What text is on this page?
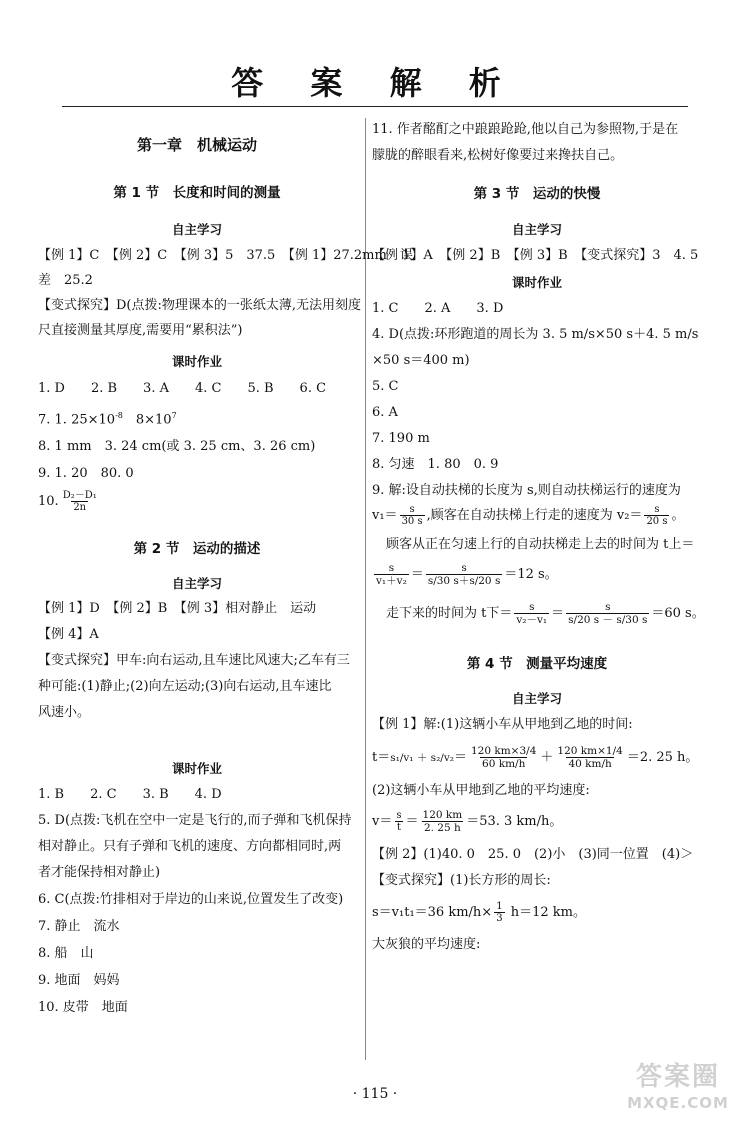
答 案 解 析
第一章　机械运动
第 1 节　长度和时间的测量
自主学习

【例 1】C　【例 2】C　【例 3】5　37.5　【例 1】27.2mm　误

差　25.2

【变式探究】D(点拨:物理课本的一张纸太薄,无法用刻度

尺直接测量其厚度,需要用“累积法”)

课时作业

1. D　　2. B　　3. A　　4. C　　5. B　　6. C

7. 1. $25\times 10^{-8}$　$8\times 10^7$

8. 1 mm　3. 24 cm(或 3. 25 cm、3. 26 cm)

9. 1. 20　80. 0

10. $\frac{\text{D₂－D₁}}{2n}$

第 2 节　运动的描述
自主学习

【例 1】D　【例 2】B　【例 3】相对静止　运动

【例 4】A

【变式探究】甲车:向右运动,且车速比风速大;乙车有三

种可能:(1)静止;(2)向左运动;(3)向右运动,且车速比

风速小。

课时作业

1. B　　2. C　　3. B　　4. D

5. D(点拨:飞机在空中一定是飞行的,而子弹和飞机保持

相对静止。只有子弹和飞机的速度、方向都相同时,两

者才能保持相对静止)

6. C(点拨:竹排相对于岸边的山来说,位置发生了改变)

7. 静止　流水

8. 船　山

9. 地面　妈妈

10. 皮带　地面

11. 作者酩酊之中踉踉跄跄,他以自己为参照物,于是在

朦胧的醉眼看来,松树好像要过来搀扶自己。

第 3 节　运动的快慢
自主学习

【例 1】A　【例 2】B　【例 3】B　【变式探究】3　4. 5

课时作业

1. C　　2. A　　3. D

4. D(点拨:环形跑道的周长为 3. 5 m/s×50 s＋4. 5 m/s

×50 s＝400 m)

5. C

6. A

7. 190 m

8. 匀速　1. 80　0. 9

9. 解:设自动扶梯的长度为 s,则自动扶梯运行的速度为

$v_1= \frac{s}{30 s}$ ,顾客在自动扶梯上行走的速度为 $v_2= \frac{s}{20 s}$ 。

顾客从正在匀速上行的自动扶梯走上去的时间为 t上＝

$\frac{s}{\text{v₁＋v₂}} = \frac{s}{s/30 s+s/20 s} =12$ s。

走下来的时间为 t下＝ $\frac{s}{\text{v₂－v₁}} = \frac{s}{s/20 s - s/30 s} =60$ s。

第 4 节　测量平均速度
自主学习

【例 1】解:(1)这辆小车从甲地到乙地的时间:

$t=s_1/v_1 + s_2/v_2= \frac{120 km\times 3/4}{60 km/h} + \frac{120 km\times 1/4}{40 km/h} =2$. 25 h。

(2)这辆小车从甲地到乙地的平均速度:

$v= \frac{s}{t} = \frac{120 km}{2. 25 h} =53$. 3 km/h。

【例 2】(1)40. 0　25. 0　(2)小　(3)同一位置　(4)＞

【变式探究】(1)长方形的周长:

s＝v₁t₁＝36 $km/h\times \frac{1}{3} h=12$ km。

大灰狼的平均速度:

· 115 ·

答案圈
MXQE.COM
